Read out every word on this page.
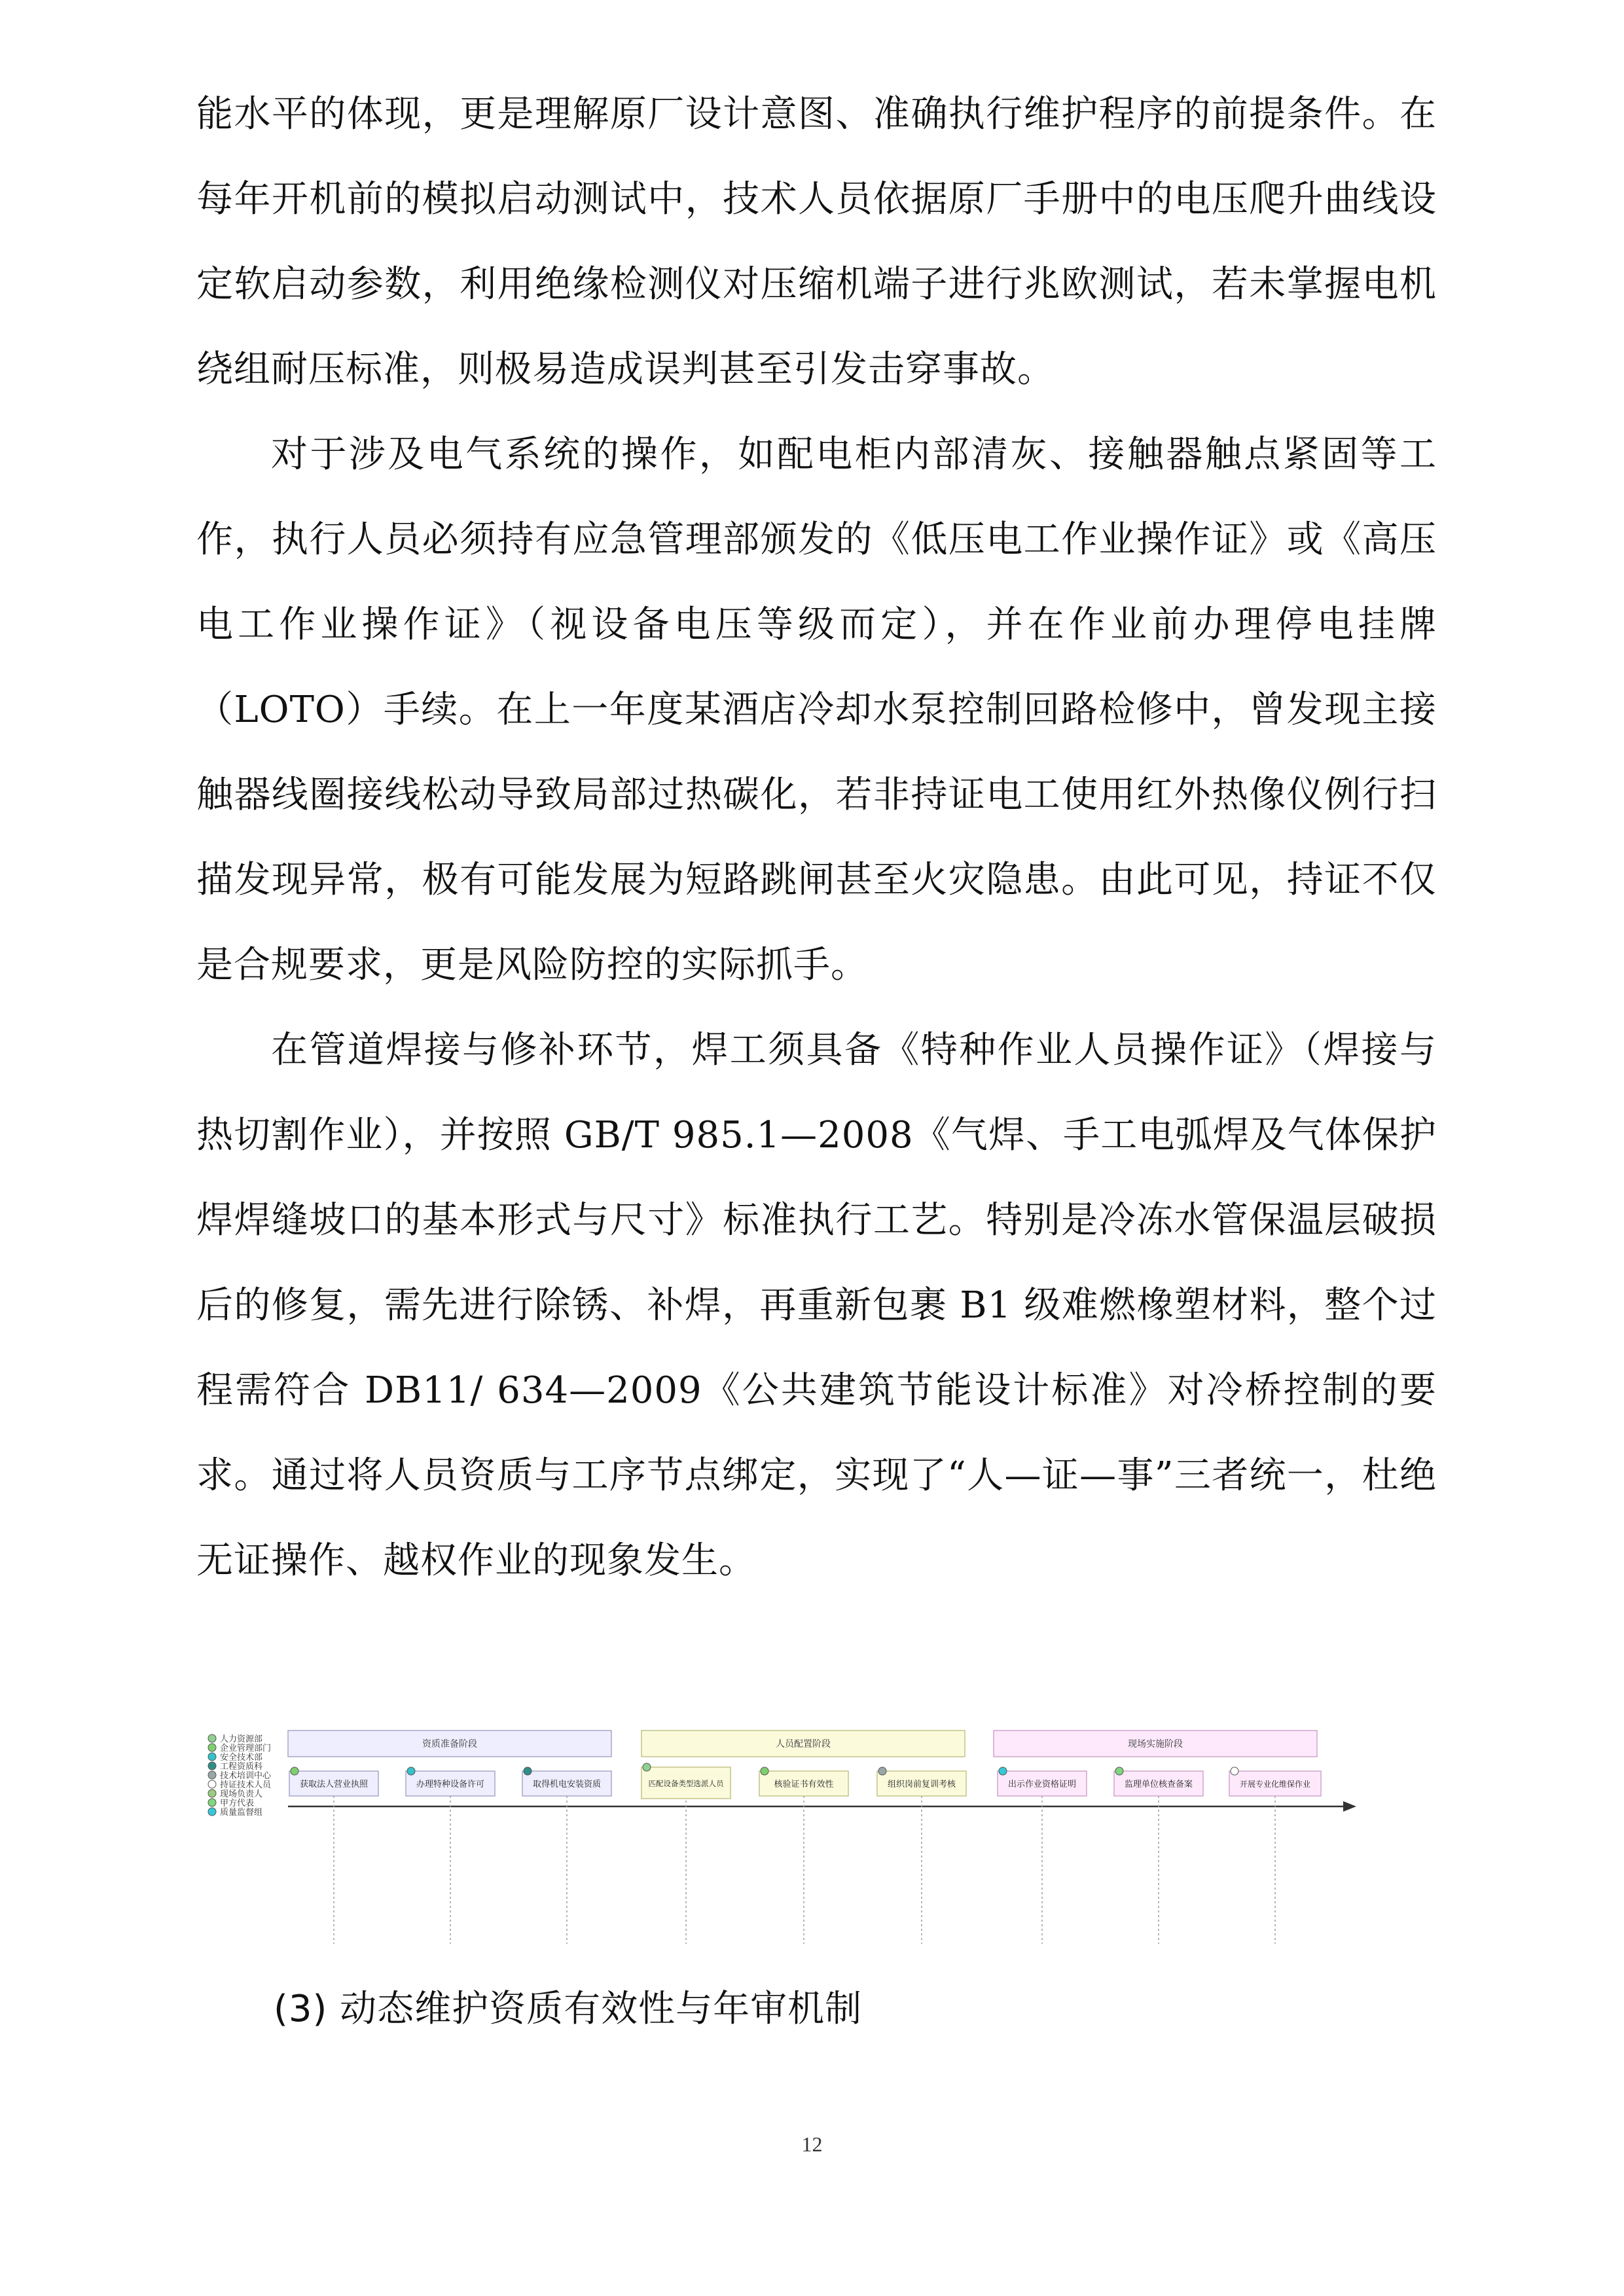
能水平的体现，更是理解原厂设计意图、准确执行维护程序的前提条件。在每年开机前的模拟启动测试中，技术人员依据原厂手册中的电压爬升曲线设定软启动参数，利用绝缘检测仪对压缩机端子进行兆欧测试，若未掌握电机绕组耐压标准，则极易造成误判甚至引发击穿事故。

对于涉及电气系统的操作，如配电柜内部清灰、接触器触点紧固等工作，执行人员必须持有应急管理部颁发的《低压电工作业操作证》或《高压电工作业操作证》（视设备电压等级而定），并在作业前办理停电挂牌（LOTO）手续。在上一年度某酒店冷却水泵控制回路检修中，曾发现主接触器线圈接线松动导致局部过热碳化，若非持证电工使用红外热像仪例行扫描发现异常，极有可能发展为短路跳闸甚至火灾隐患。由此可见，持证不仅是合规要求，更是风险防控的实际抓手。

在管道焊接与修补环节，焊工须具备《特种作业人员操作证》（焊接与热切割作业），并按照 GB/T 985.1—2008《气焊、手工电弧焊及气体保护焊焊缝坡口的基本形式与尺寸》标准执行工艺。特别是冷冻水管保温层破损后的修复，需先进行除锈、补焊，再重新包裹 B1 级难燃橡塑材料，整个过程需符合 DB11/ 634—2009《公共建筑节能设计标准》对冷桥控制的要求。通过将人员资质与工序节点绑定，实现了“人—证—事”三者统一，杜绝无证操作、越权作业的现象发生。

人力资源部
企业管理部门
安全技术部
工程资质科
技术培训中心
持证技术人员
现场负责人
甲方代表
质量监督组
资质准备阶段	人员配置阶段	现场实施阶段
获取法人营业执照	办理特种设备许可	取得机电安装资质	匹配设备类型选派人员	核验证书有效性	组织岗前复训考核	出示作业资格证明	监理单位核查备案	开展专业化维保作业

(3) 动态维护资质有效性与年审机制

12
